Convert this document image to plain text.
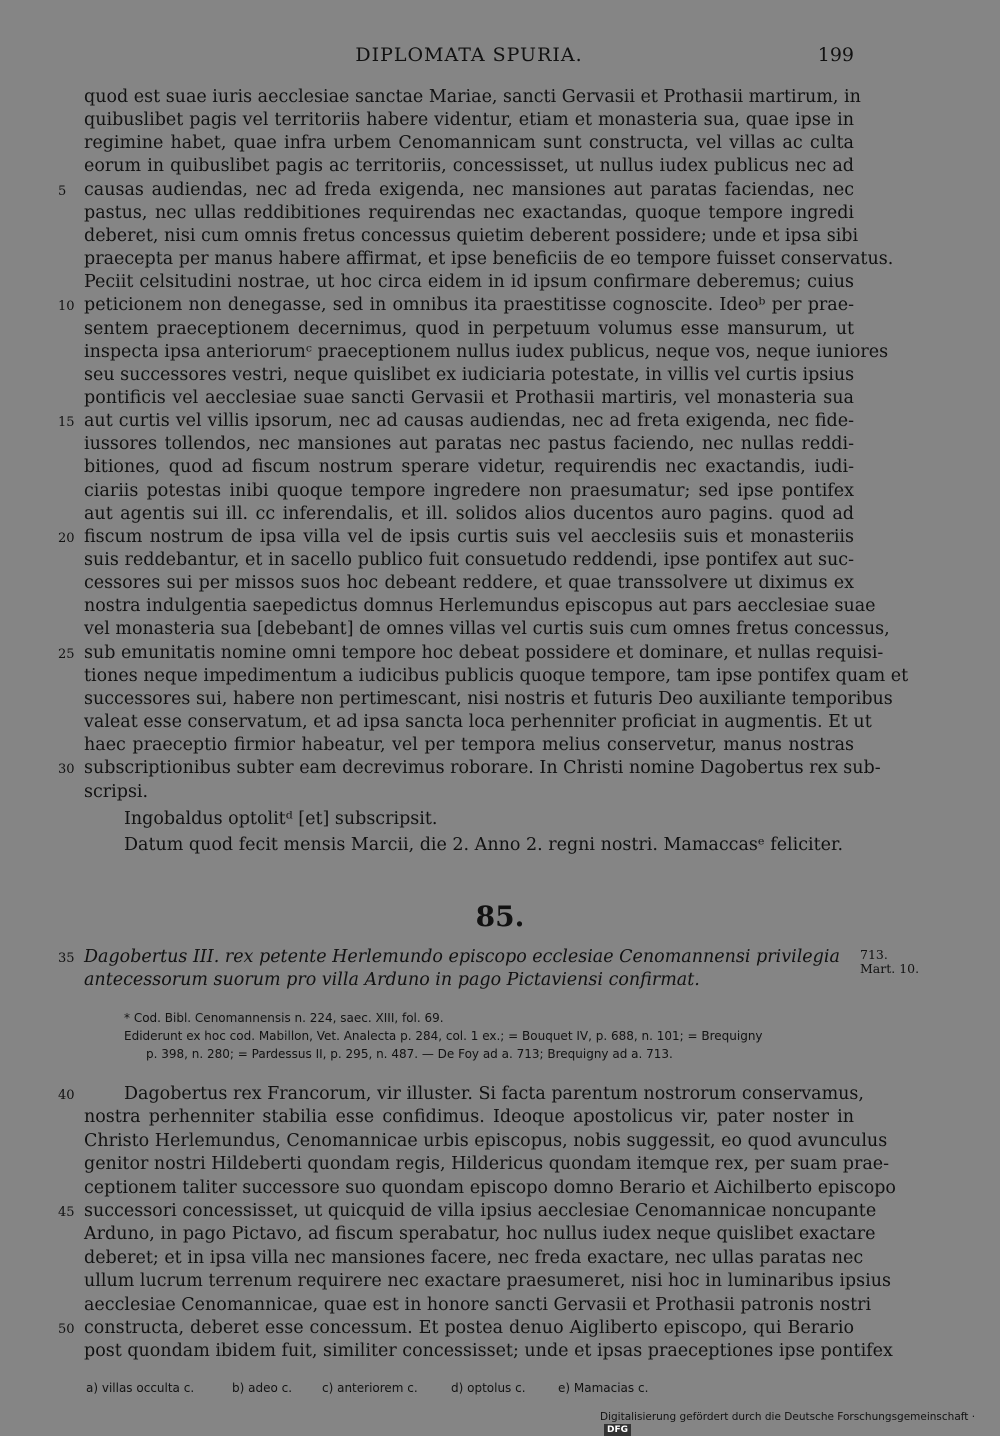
DIPLOMATA SPURIA.	199
quod est suae iuris aecclesiae sanctae Mariae, sancti Gervasii et Prothasii martirum, in
quibuslibet pagis vel territoriis habere videntur, etiam et monasteria sua, quae ipse in
regimine habet, quae infra urbem Cenomannicam sunt constructa, vel villas ac culta
eorum in quibuslibet pagis ac territoriis, concessisset, ut nullus iudex publicus nec ad
causas audiendas, nec ad freda exigenda, nec mansiones aut paratas faciendas, nec
5
pastus, nec ullas reddibitiones requirendas nec exactandas, quoque tempore ingredi
deberet, nisi cum omnis fretus concessus quietim deberent possidere; unde et ipsa sibi
praecepta per manus habere affirmat, et ipse beneficiis de eo tempore fuisset conservatus.
Peciit celsitudini nostrae, ut hoc circa eidem in id ipsum confirmare deberemus; cuius
peticionem non denegasse, sed in omnibus ita praestitisse cognoscite. Ideoᵇ per prae-
10
sentem praeceptionem decernimus, quod in perpetuum volumus esse mansurum, ut
inspecta ipsa anteriorumᶜ praeceptionem nullus iudex publicus, neque vos, neque iuniores
seu successores vestri, neque quislibet ex iudiciaria potestate, in villis vel curtis ipsius
pontificis vel aecclesiae suae sancti Gervasii et Prothasii martiris, vel monasteria sua
aut curtis vel villis ipsorum, nec ad causas audiendas, nec ad freta exigenda, nec fide-
15
iussores tollendos, nec mansiones aut paratas nec pastus faciendo, nec nullas reddi-
bitiones, quod ad fiscum nostrum sperare videtur, requirendis nec exactandis, iudi-
ciariis potestas inibi quoque tempore ingredere non praesumatur; sed ipse pontifex
aut agentis sui ill. cc inferendalis, et ill. solidos alios ducentos auro pagins. quod ad
fiscum nostrum de ipsa villa vel de ipsis curtis suis vel aecclesiis suis et monasteriis
20
suis reddebantur, et in sacello publico fuit consuetudo reddendi, ipse pontifex aut suc-
cessores sui per missos suos hoc debeant reddere, et quae transsolvere ut diximus ex
nostra indulgentia saepedictus domnus Herlemundus episcopus aut pars aecclesiae suae
vel monasteria sua [debebant] de omnes villas vel curtis suis cum omnes fretus concessus,
sub emunitatis nomine omni tempore hoc debeat possidere et dominare, et nullas requisi-
25
tiones neque impedimentum a iudicibus publicis quoque tempore, tam ipse pontifex quam et
successores sui, habere non pertimescant, nisi nostris et futuris Deo auxiliante temporibus
valeat esse conservatum, et ad ipsa sancta loca perhenniter proficiat in augmentis. Et ut
haec praeceptio firmior habeatur, vel per tempora melius conservetur, manus nostras
subscriptionibus subter eam decrevimus roborare. In Christi nomine Dagobertus rex sub-
30
scripsi.
85.
35 Dagobertus III. rex petente Herlemundo episcopo ecclesiae Cenomannensi privilegia
antecessorum suorum pro villa Arduno in pago Pictaviensi confirmat.
713.
Mart. 10.
* Cod. Bibl. Cenomannensis n. 224, saec. XIII, fol. 69.
Ediderunt ex hoc cod. Mabillon, Vet. Analecta p. 284, col. 1 ex.; = Bouquet IV, p. 688, n. 101; = Brequigny
p. 398, n. 280; = Pardessus II, p. 295, n. 487. — De Foy ad a. 713; Brequigny ad a. 713.
Dagobertus rex Francorum, vir illuster. Si facta parentum nostrorum conservamus,
40
nostra perhenniter stabilia esse confidimus. Ideoque apostolicus vir, pater noster in
Christo Herlemundus, Cenomannicae urbis episcopus, nobis suggessit, eo quod avunculus
genitor nostri Hildeberti quondam regis, Hildericus quondam itemque rex, per suam prae-
ceptionem taliter successore suo quondam episcopo domno Berario et Aichilberto episcopo
successori concessisset, ut quicquid de villa ipsius aecclesiae Cenomannicae noncupante
45
Arduno, in pago Pictavo, ad fiscum sperabatur, hoc nullus iudex neque quislibet exactare
deberet; et in ipsa villa nec mansiones facere, nec freda exactare, nec ullas paratas nec
ullum lucrum terrenum requirere nec exactare praesumeret, nisi hoc in luminaribus ipsius
aecclesiae Cenomannicae, quae est in honore sancti Gervasii et Prothasii patronis nostri
constructa, deberet esse concessum. Et postea denuo Aigliberto episcopo, qui Berario
50
post quondam ibidem fuit, similiter concessisset; unde et ipsas praeceptiones ipse pontifex
a) villas occulta c.	b) adeo c. c) anteriorem c.	d) optolus c.	e) Mamacias c.
Digitalisierung gefördert durch die Deutsche Forschungsgemeinschaft · DFG
Ingobaldus optolitᵈ [et] subscripsit.
Datum quod fecit mensis Marcii, die 2. Anno 2. regni nostri. Mamaccasᵉ feliciter.
